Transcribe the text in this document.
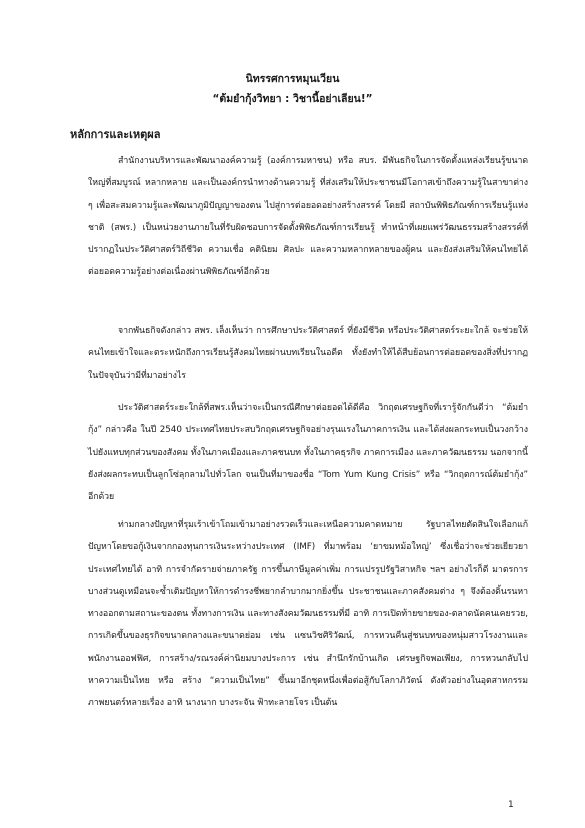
นิทรรศการหมุนเวียน
“ต้มยำกุ้งวิทยา : วิชานี้อย่าเลียน!”
หลักการและเหตุผล

สำนักงานบริหารและพัฒนาองค์ความรู้ (องค์การมหาชน) หรือ สบร. มีพันธกิจในการจัดตั้งแหล่งเรียนรู้ขนาดใหญ่ที่สมบูรณ์ หลากหลาย และเป็นองค์กรนำทางด้านความรู้ ที่ส่งเสริมให้ประชาชนมีโอกาสเข้าถึงความรู้ในสาขาต่าง ๆ เพื่อสะสมความรู้และพัฒนาภูมิปัญญาของตน ไปสู่การต่อยอดอย่างสร้างสรรค์ โดยมี สถาบันพิพิธภัณฑ์การเรียนรู้แห่งชาติ (สพร.) เป็นหน่วยงานภายในที่รับผิดชอบการจัดตั้งพิพิธภัณฑ์การเรียนรู้ ทำหน้าที่เผยแพร่วัฒนธรรมสร้างสรรค์ที่ปรากฏในประวัติศาสตร์วิถีชีวิต ความเชื่อ คตินิยม ศิลปะ และความหลากหลายของผู้คน และยังส่งเสริมให้คนไทยได้ต่อยอดความรู้อย่างต่อเนื่องผ่านพิพิธภัณฑ์อีกด้วย

จากพันธกิจดังกล่าว สพร. เล็งเห็นว่า การศึกษาประวัติศาสตร์ ที่ยังมีชีวิต หรือประวัติศาสตร์ระยะใกล้ จะช่วยให้คนไทยเข้าใจและตระหนักถึงการเรียนรู้สังคมไทยผ่านบทเรียนในอดีต ทั้งยังทำให้ได้สืบย้อนการต่อยอดของสิ่งที่ปรากฏในปัจจุบันว่ามีที่มาอย่างไร

ประวัติศาสตร์ระยะใกล้ที่สพร.เห็นว่าจะเป็นกรณีศึกษาต่อยอดได้ดีคือ วิกฤตเศรษฐกิจที่เรารู้จักกันดีว่า “ต้มยำกุ้ง” กล่าวคือ ในปี 2540 ประเทศไทยประสบวิกฤตเศรษฐกิจอย่างรุนแรงในภาคการเงิน และได้ส่งผลกระทบเป็นวงกว้างไปยังแทบทุกส่วนของสังคม ทั้งในภาคเมืองและภาคชนบท ทั้งในภาคธุรกิจ ภาคการเมือง และภาควัฒนธรรม นอกจากนี้ ยังส่งผลกระทบเป็นลูกโซ่ลุกลามไปทั่วโลก จนเป็นที่มาของชื่อ “Tom Yum Kung Crisis” หรือ “วิกฤตการณ์ต้มยำกุ้ง” อีกด้วย

ท่ามกลางปัญหาที่รุมเร้าเข้าโถมเข้ามาอย่างรวดเร็วและเหนือความคาดหมาย รัฐบาลไทยตัดสินใจเลือกแก้ปัญหาโดยขอกู้เงินจากกองทุนการเงินระหว่างประเทศ (IMF) ที่มาพร้อม ‘ยาขมหม้อใหญ่’ ซึ่งเชื่อว่าจะช่วยเยียวยาประเทศไทยได้ อาทิ การจำกัดรายจ่ายภาครัฐ การขึ้นภาษีมูลค่าเพิ่ม การแปรรูปรัฐวิสาหกิจ ฯลฯ อย่างไรก็ดี มาตรการบางส่วนดูเหมือนจะซ้ำเติมปัญหาให้การดำรงชีพยากลำบากมากยิ่งขึ้น ประชาชนและภาคสังคมต่าง ๆ จึงต้องดิ้นรนหาทางออกตามสถานะของตน ทั้งทางการเงิน และทางสังคมวัฒนธรรมที่มี อาทิ การเปิดท้ายขายของ-ตลาดนัดคนเคยรวย, การเกิดขึ้นของธุรกิจขนาดกลางและขนาดย่อม เช่น แซนวิชศิริวัฒน์, การหวนคืนสู่ชนบทของหนุ่มสาวโรงงานและพนักงานออฟฟิศ, การสร้าง/รณรงค์ค่านิยมบางประการ เช่น สำนึกรักบ้านเกิด เศรษฐกิจพอเพียง, การหวนกลับไปหาความเป็นไทย หรือ สร้าง “ความเป็นไทย” ขึ้นมาอีกชุดหนึ่งเพื่อต่อสู้กับโลกาภิวัตน์ ดังตัวอย่างในอุตสาหกรรมภาพยนตร์หลายเรื่อง อาทิ นางนาก บางระจัน ฟ้าทะลายโจร เป็นต้น

1
